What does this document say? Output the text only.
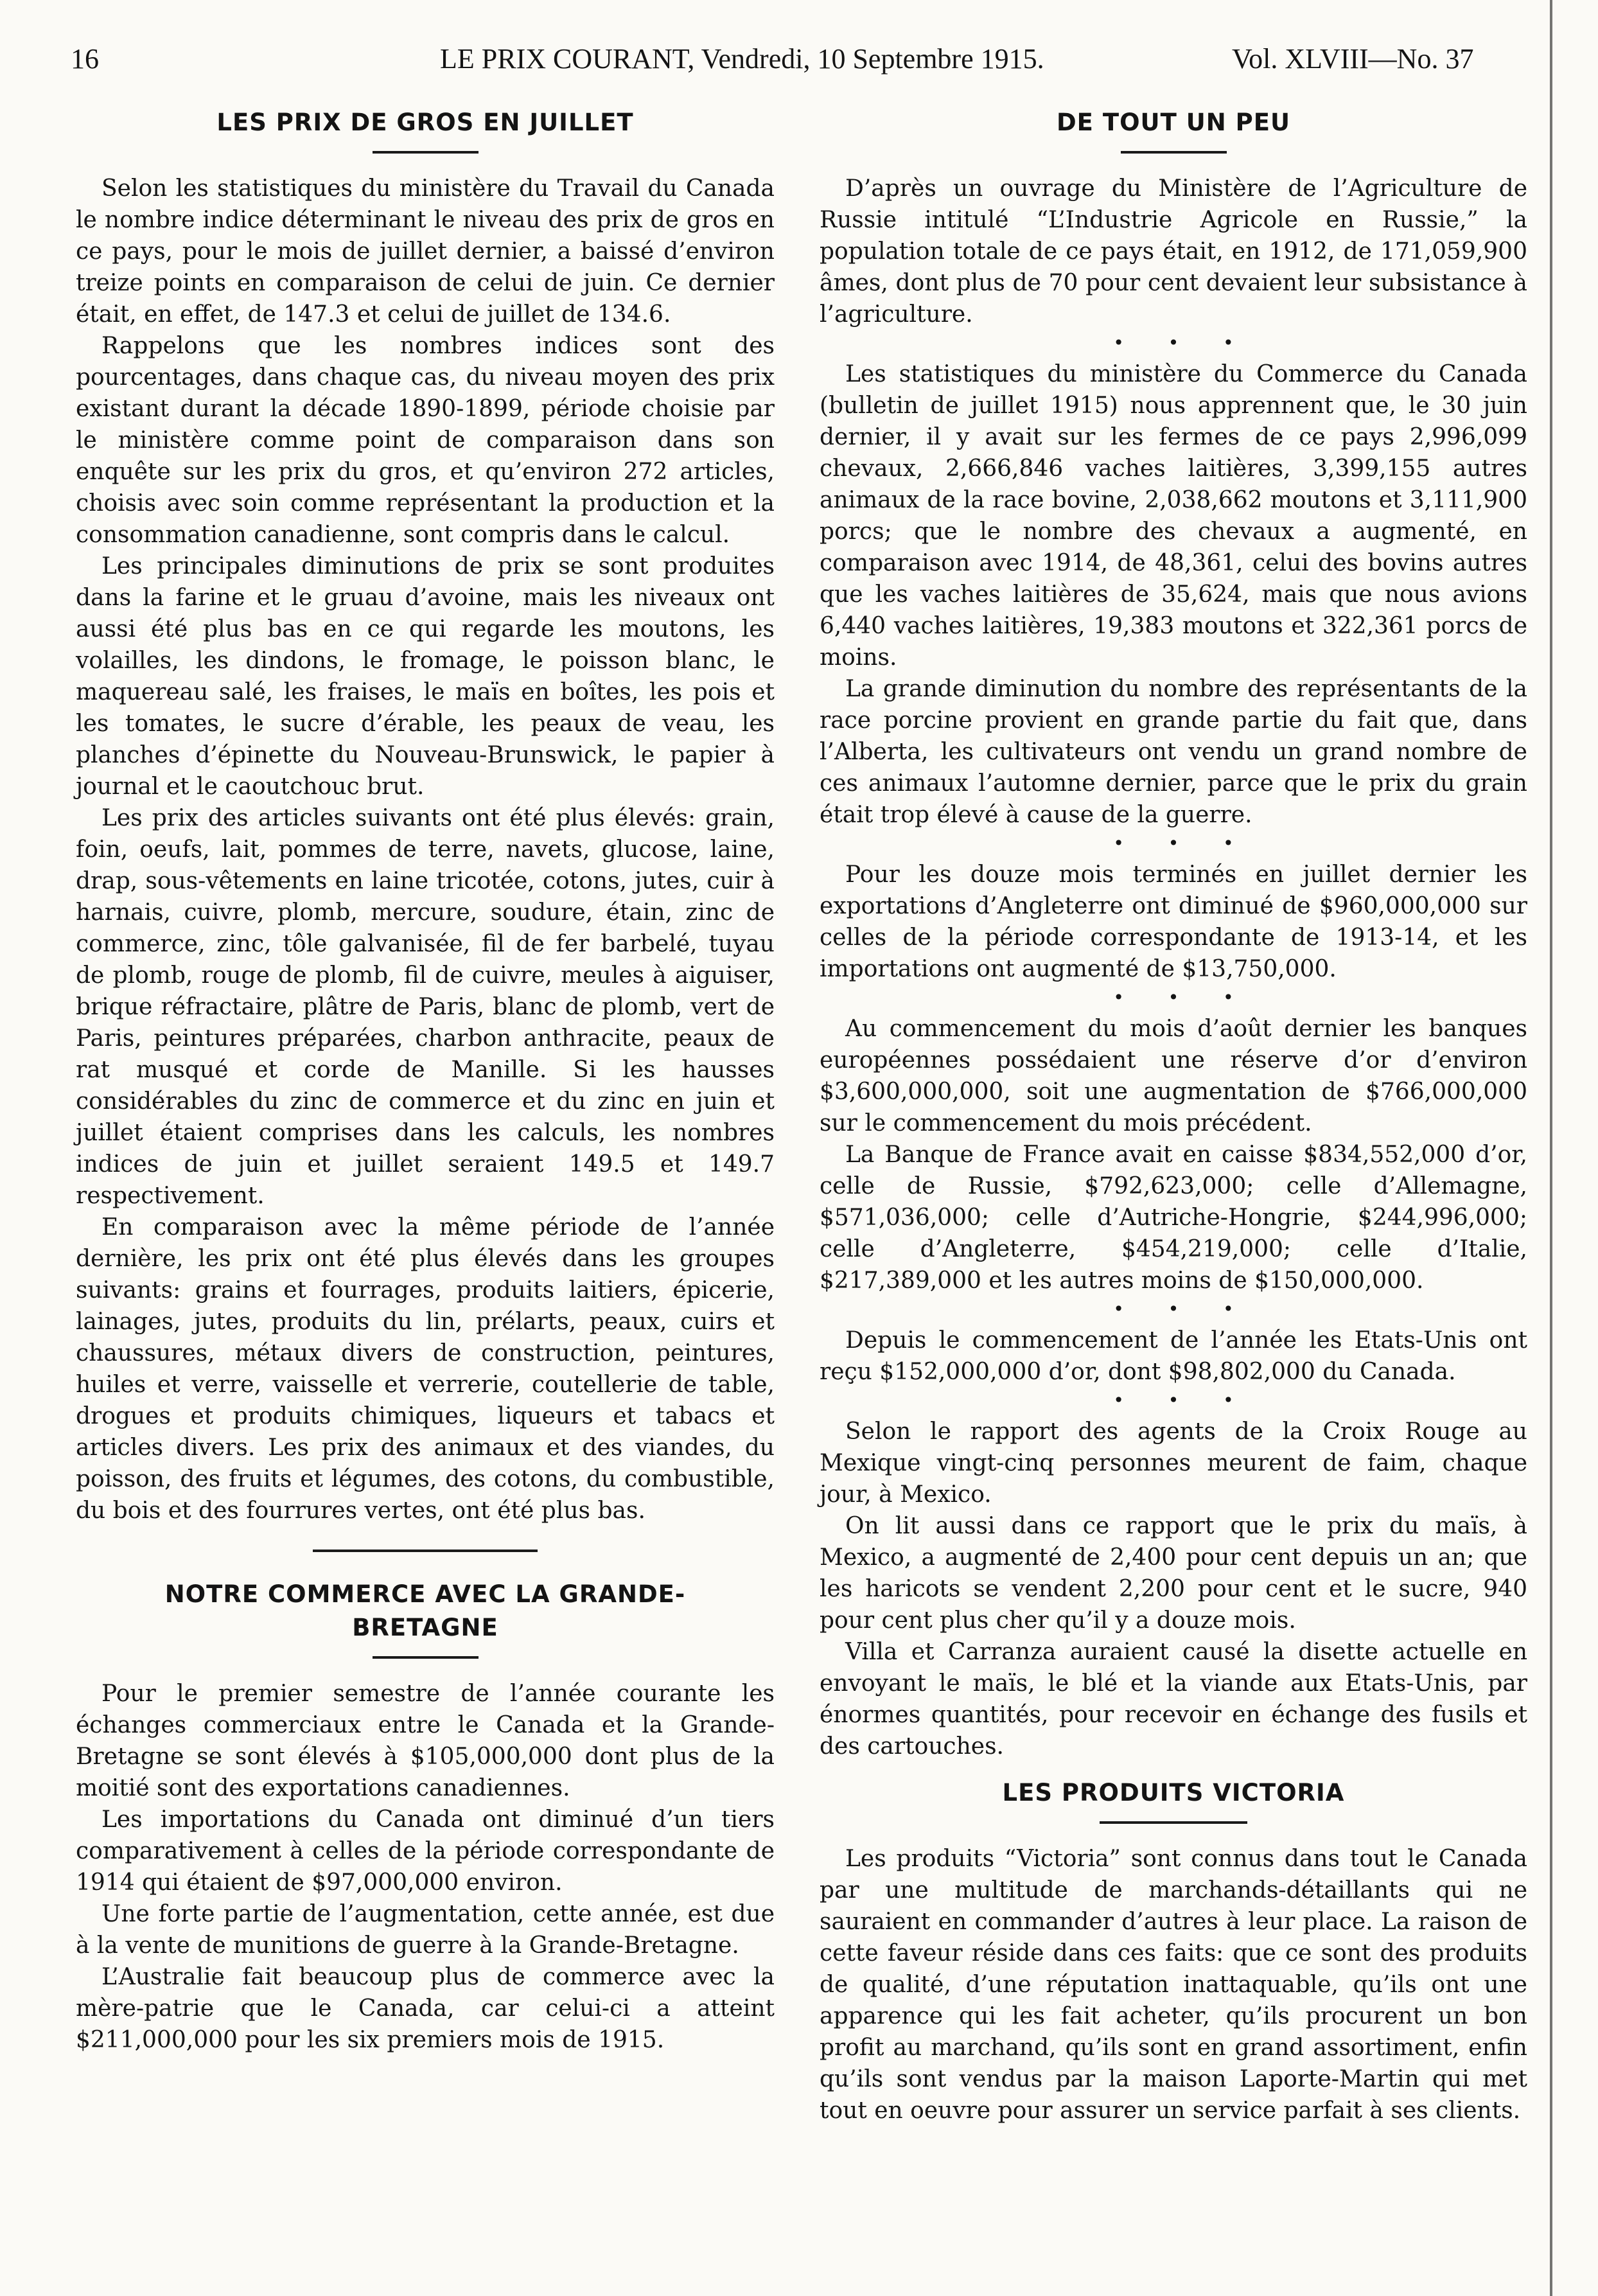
16	LE PRIX COURANT, Vendredi, 10 Septembre 1915.	Vol. XLVIII—No. 37
LES PRIX DE GROS EN JUILLET

Selon les statistiques du ministère du Travail du Canada le nombre indice déterminant le niveau des prix de gros en ce pays, pour le mois de juillet dernier, a baissé d’environ treize points en comparaison de celui de juin. Ce dernier était, en effet, de 147.3 et celui de juillet de 134.6.

Rappelons que les nombres indices sont des pourcentages, dans chaque cas, du niveau moyen des prix existant durant la décade 1890-1899, période choisie par le ministère comme point de comparaison dans son enquête sur les prix du gros, et qu’environ 272 articles, choisis avec soin comme représentant la production et la consommation canadienne, sont compris dans le calcul.

Les principales diminutions de prix se sont produites dans la farine et le gruau d’avoine, mais les niveaux ont aussi été plus bas en ce qui regarde les moutons, les volailles, les dindons, le fromage, le poisson blanc, le maquereau salé, les fraises, le maïs en boîtes, les pois et les tomates, le sucre d’érable, les peaux de veau, les planches d’épinette du Nouveau-Brunswick, le papier à journal et le caoutchouc brut.

Les prix des articles suivants ont été plus élevés: grain, foin, oeufs, lait, pommes de terre, navets, glucose, laine, drap, sous-vêtements en laine tricotée, cotons, jutes, cuir à harnais, cuivre, plomb, mercure, soudure, étain, zinc de commerce, zinc, tôle galvanisée, fil de fer barbelé, tuyau de plomb, rouge de plomb, fil de cuivre, meules à aiguiser, brique réfractaire, plâtre de Paris, blanc de plomb, vert de Paris, peintures préparées, charbon anthracite, peaux de rat musqué et corde de Manille. Si les hausses considérables du zinc de commerce et du zinc en juin et juillet étaient comprises dans les calculs, les nombres indices de juin et juillet seraient 149.5 et 149.7 respectivement.

En comparaison avec la même période de l’année dernière, les prix ont été plus élevés dans les groupes suivants: grains et fourrages, produits laitiers, épicerie, lainages, jutes, produits du lin, prélarts, peaux, cuirs et chaussures, métaux divers de construction, peintures, huiles et verre, vaisselle et verrerie, coutellerie de table, drogues et produits chimiques, liqueurs et tabacs et articles divers. Les prix des animaux et des viandes, du poisson, des fruits et légumes, des cotons, du combustible, du bois et des fourrures vertes, ont été plus bas.

NOTRE COMMERCE AVEC LA GRANDE-
BRETAGNE

Pour le premier semestre de l’année courante les échanges commerciaux entre le Canada et la Grande-Bretagne se sont élevés à $105,000,000 dont plus de la moitié sont des exportations canadiennes.

Les importations du Canada ont diminué d’un tiers comparativement à celles de la période correspondante de 1914 qui étaient de $97,000,000 environ.

Une forte partie de l’augmentation, cette année, est due à la vente de munitions de guerre à la Grande-Bretagne.

L’Australie fait beaucoup plus de commerce avec la mère-patrie que le Canada, car celui-ci a atteint $211,000,000 pour les six premiers mois de 1915.

DE TOUT UN PEU

D’après un ouvrage du Ministère de l’Agriculture de Russie intitulé “L’Industrie Agricole en Russie,” la population totale de ce pays était, en 1912, de 171,059,900 âmes, dont plus de 70 pour cent devaient leur subsistance à l’agriculture.

• • •

Les statistiques du ministère du Commerce du Canada (bulletin de juillet 1915) nous apprennent que, le 30 juin dernier, il y avait sur les fermes de ce pays 2,996,099 chevaux, 2,666,846 vaches laitières, 3,399,155 autres animaux de la race bovine, 2,038,662 moutons et 3,111,900 porcs; que le nombre des chevaux a augmenté, en comparaison avec 1914, de 48,361, celui des bovins autres que les vaches laitières de 35,624, mais que nous avions 6,440 vaches laitières, 19,383 moutons et 322,361 porcs de moins.

La grande diminution du nombre des représentants de la race porcine provient en grande partie du fait que, dans l’Alberta, les cultivateurs ont vendu un grand nombre de ces animaux l’automne dernier, parce que le prix du grain était trop élevé à cause de la guerre.

• • •

Pour les douze mois terminés en juillet dernier les exportations d’Angleterre ont diminué de $960,000,000 sur celles de la période correspondante de 1913-14, et les importations ont augmenté de $13,750,000.

• • •

Au commencement du mois d’août dernier les banques européennes possédaient une réserve d’or d’environ $3,600,000,000, soit une augmentation de $766,000,000 sur le commencement du mois précédent.

La Banque de France avait en caisse $834,552,000 d’or, celle de Russie, $792,623,000; celle d’Allemagne, $571,036,000; celle d’Autriche-Hongrie, $244,996,000; celle d’Angleterre, $454,219,000; celle d’Italie, $217,389,000 et les autres moins de $150,000,000.

• • •

Depuis le commencement de l’année les Etats-Unis ont reçu $152,000,000 d’or, dont $98,802,000 du Canada.

• • •

Selon le rapport des agents de la Croix Rouge au Mexique vingt-cinq personnes meurent de faim, chaque jour, à Mexico.

On lit aussi dans ce rapport que le prix du maïs, à Mexico, a augmenté de 2,400 pour cent depuis un an; que les haricots se vendent 2,200 pour cent et le sucre, 940 pour cent plus cher qu’il y a douze mois.

Villa et Carranza auraient causé la disette actuelle en envoyant le maïs, le blé et la viande aux Etats-Unis, par énormes quantités, pour recevoir en échange des fusils et des cartouches.

LES PRODUITS VICTORIA

Les produits “Victoria” sont connus dans tout le Canada par une multitude de marchands-détaillants qui ne sauraient en commander d’autres à leur place. La raison de cette faveur réside dans ces faits: que ce sont des produits de qualité, d’une réputation inattaquable, qu’ils ont une apparence qui les fait acheter, qu’ils procurent un bon profit au marchand, qu’ils sont en grand assortiment, enfin qu’ils sont vendus par la maison Laporte-Martin qui met tout en oeuvre pour assurer un service parfait à ses clients.
